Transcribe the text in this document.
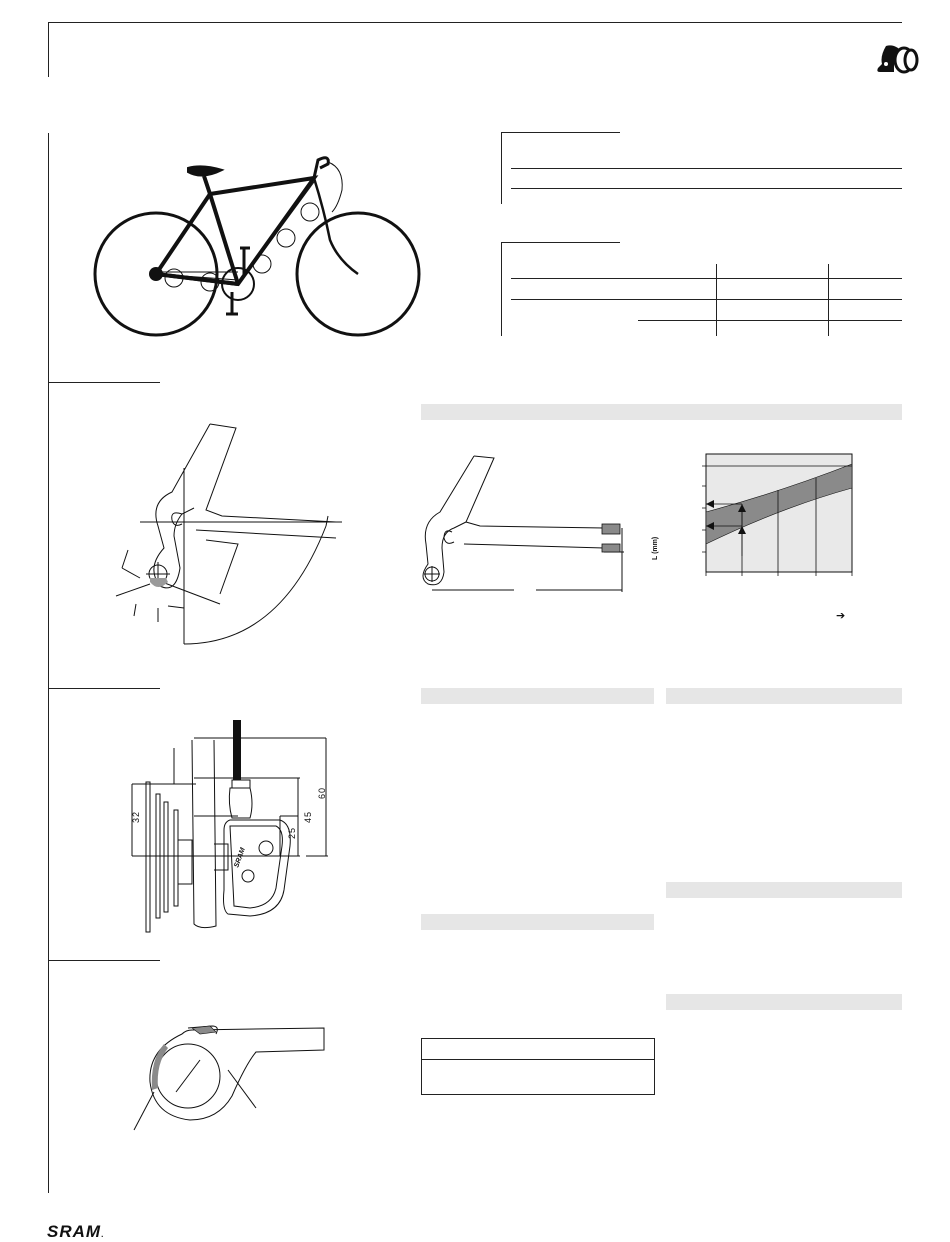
L (mm)
➔
SRAM
32
25
45
60
SRAM.
